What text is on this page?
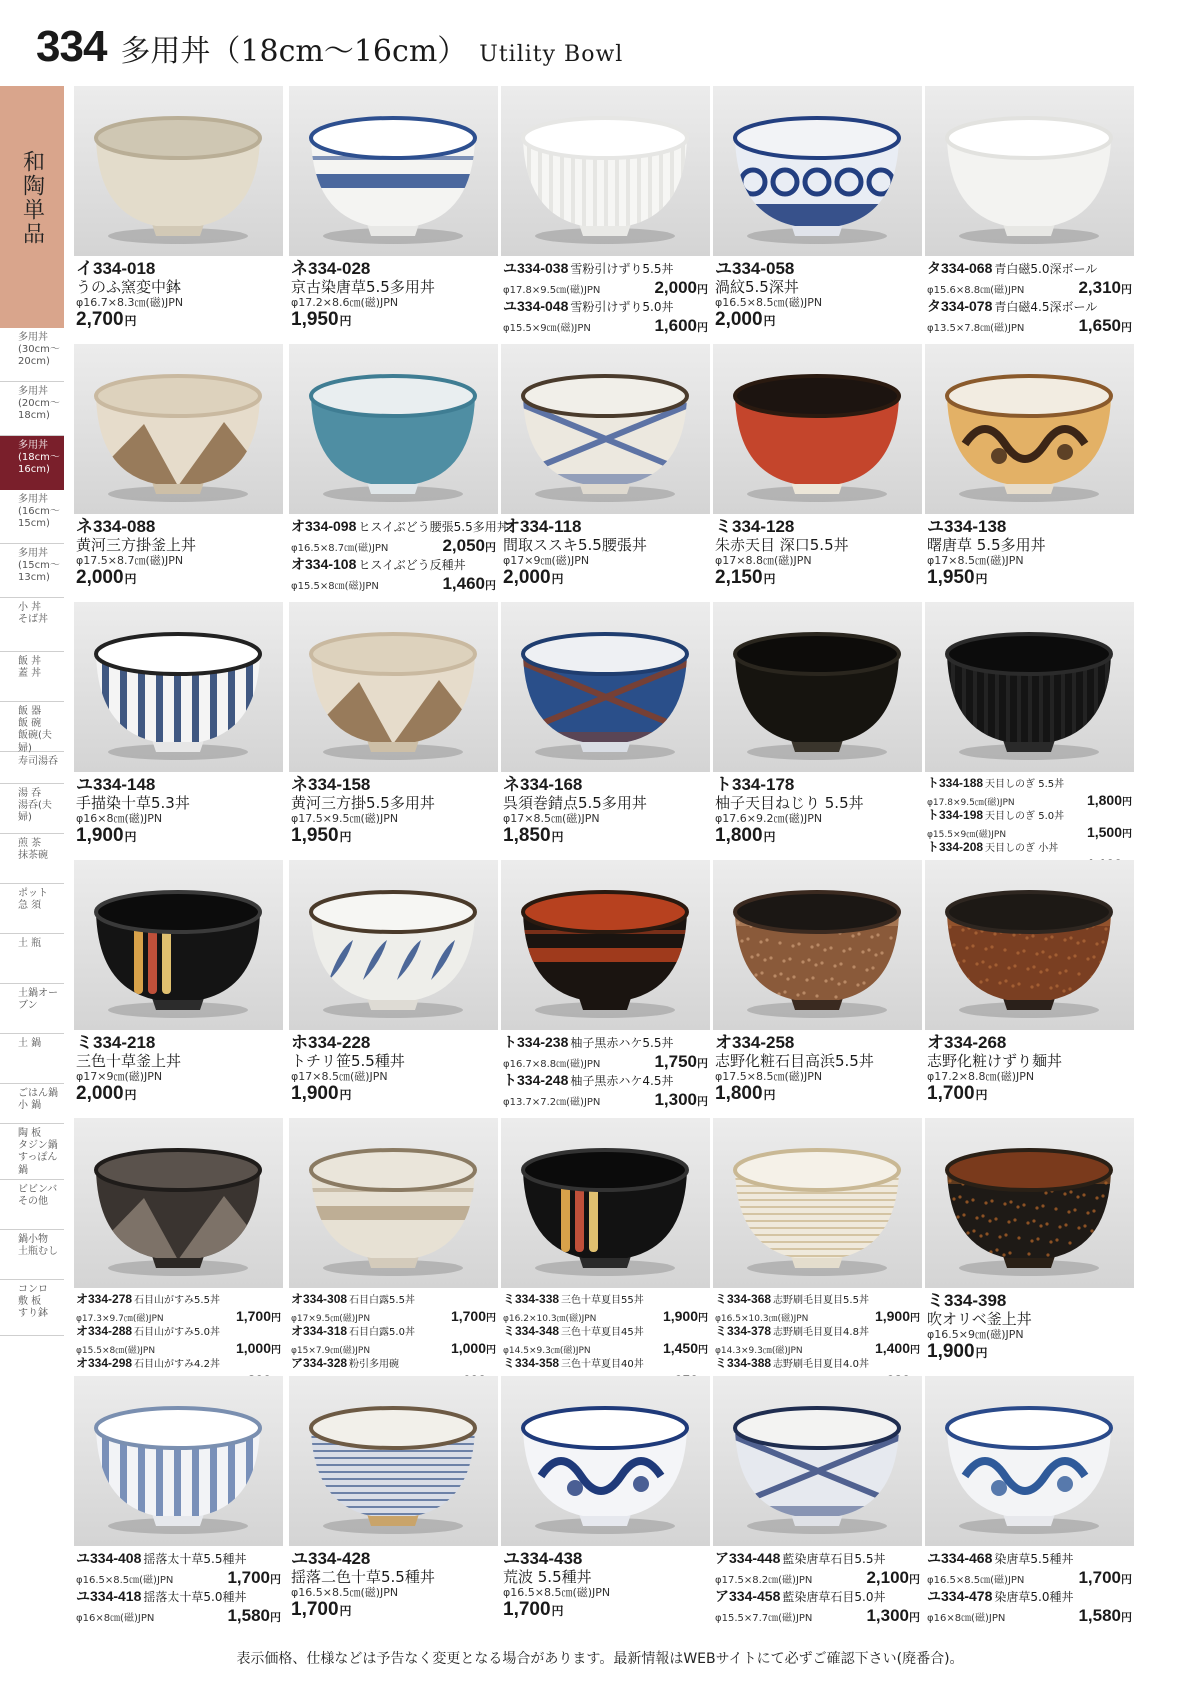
334 多用丼（18cm〜16cm） Utility Bowl
和陶単品
多用丼
(30cm〜
20cm)
多用丼
(20cm〜
18cm)
多用丼
(18cm〜
16cm)
多用丼
(16cm〜
15cm)
多用丼
(15cm〜
13cm)
小 丼
そば丼
飯 丼
蓋 丼
飯 器
飯 碗
飯碗(夫婦)
寿司湯呑
湯 呑
湯呑(夫婦)
煎 茶
抹茶碗
ポット
急 須
土 瓶
土鍋オーブン
土 鍋
ごはん鍋
小 鍋
陶 板
タジン鍋
すっぽん鍋
ビビンバ
その他
鍋小物
土瓶むし
コンロ
敷 板
すり鉢
イ334-018
うのふ窯変中鉢
φ16.7×8.3㎝(磁)JPN
2,700円
ネ334-028
京古染唐草5.5多用丼
φ17.2×8.6㎝(磁)JPN
1,950円
ユ334-038 雪粉引けずり5.5丼
φ17.8×9.5㎝(磁)JPN	2,000円
ユ334-048 雪粉引けずり5.0丼
φ15.5×9㎝(磁)JPN	1,600円
ユ334-058
渦紋5.5深丼
φ16.5×8.5㎝(磁)JPN
2,000円
タ334-068 青白磁5.0深ボール
φ15.6×8.8㎝(磁)JPN	2,310円
タ334-078 青白磁4.5深ボール
φ13.5×7.8㎝(磁)JPN	1,650円
ネ334-088
黄河三方掛釜上丼
φ17.5×8.7㎝(磁)JPN
2,000円
オ334-098 ヒスイぶどう腰張5.5多用丼
φ16.5×8.7㎝(磁)JPN	2,050円
オ334-108 ヒスイぶどう反種丼
φ15.5×8㎝(磁)JPN	1,460円
オ334-118
間取ススキ5.5腰張丼
φ17×9㎝(磁)JPN
2,000円
ミ334-128
朱赤天目 深口5.5丼
φ17×8.8㎝(磁)JPN
2,150円
ユ334-138
曙唐草 5.5多用丼
φ17×8.5㎝(磁)JPN
1,950円
ユ334-148
手描染十草5.3丼
φ16×8㎝(磁)JPN
1,900円
ネ334-158
黄河三方掛5.5多用丼
φ17.5×9.5㎝(磁)JPN
1,950円
ネ334-168
呉須巻錆点5.5多用丼
φ17×8.5㎝(磁)JPN
1,850円
ト334-178
柚子天目ねじり 5.5丼
φ17.6×9.2㎝(磁)JPN
1,800円
ト334-188 天目しのぎ 5.5丼
φ17.8×9.5㎝(磁)JPN	1,800円
ト334-198 天目しのぎ 5.0丼
φ15.5×9㎝(磁)JPN	1,500円
ト334-208 天目しのぎ 小丼
ミ334-218
三色十草釜上丼
φ17×9㎝(磁)JPN
2,000円
ホ334-228
トチリ笹5.5種丼
φ17×8.5㎝(磁)JPN
1,900円
ト334-238 柚子黒赤ハケ5.5丼
φ16.7×8.8㎝(磁)JPN	1,750円
ト334-248 柚子黒赤ハケ4.5丼
φ13.7×7.2㎝(磁)JPN	1,300円
オ334-258
志野化粧石目高浜5.5丼
φ17.5×8.5㎝(磁)JPN
1,800円
オ334-268
志野化粧けずり麺丼
φ17.2×8.8㎝(磁)JPN
1,700円
オ334-278 石目山がすみ5.5丼
φ17.3×9.7㎝(磁)JPN	1,700円
オ334-288 石目山がすみ5.0丼
φ15.5×8㎝(磁)JPN	1,000円
オ334-298 石目山がすみ4.2丼
オ334-308 石目白露5.5丼
φ17×9.5㎝(磁)JPN	1,700円
オ334-318 石目白露5.0丼
φ15×7.9㎝(磁)JPN	1,000円
ア334-328 粉引多用碗
ミ334-338 三色十草夏目55丼
φ16.2×10.3㎝(磁)JPN	1,900円
ミ334-348 三色十草夏目45丼
φ14.5×9.3㎝(磁)JPN	1,450円
ミ334-358 三色十草夏目40丼
ミ334-368 志野刷毛目夏目5.5丼
φ16.5×10.3㎝(磁)JPN	1,900円
ミ334-378 志野刷毛目夏目4.8丼
φ14.3×9.3㎝(磁)JPN	1,400円
ミ334-388 志野刷毛目夏目4.0丼
ミ334-398
吹オリベ釜上丼
φ16.5×9㎝(磁)JPN
1,900円
ユ334-408 揺落太十草5.5種丼
φ16.5×8.5㎝(磁)JPN	1,700円
ユ334-418 揺落太十草5.0種丼
φ16×8㎝(磁)JPN	1,580円
ユ334-428
揺落二色十草5.5種丼
φ16.5×8.5㎝(磁)JPN
1,700円
ユ334-438
荒波 5.5種丼
φ16.5×8.5㎝(磁)JPN
1,700円
ア334-448 藍染唐草石目5.5丼
φ17.5×8.2㎝(磁)JPN	2,100円
ア334-458 藍染唐草石目5.0丼
φ15.5×7.7㎝(磁)JPN	1,300円
ユ334-468 染唐草5.5種丼
φ16.5×8.5㎝(磁)JPN	1,700円
ユ334-478 染唐草5.0種丼
φ16×8㎝(磁)JPN	1,580円
表示価格、仕様などは予告なく変更となる場合があります。最新情報はWEBサイトにて必ずご確認下さい(廃番合)。
